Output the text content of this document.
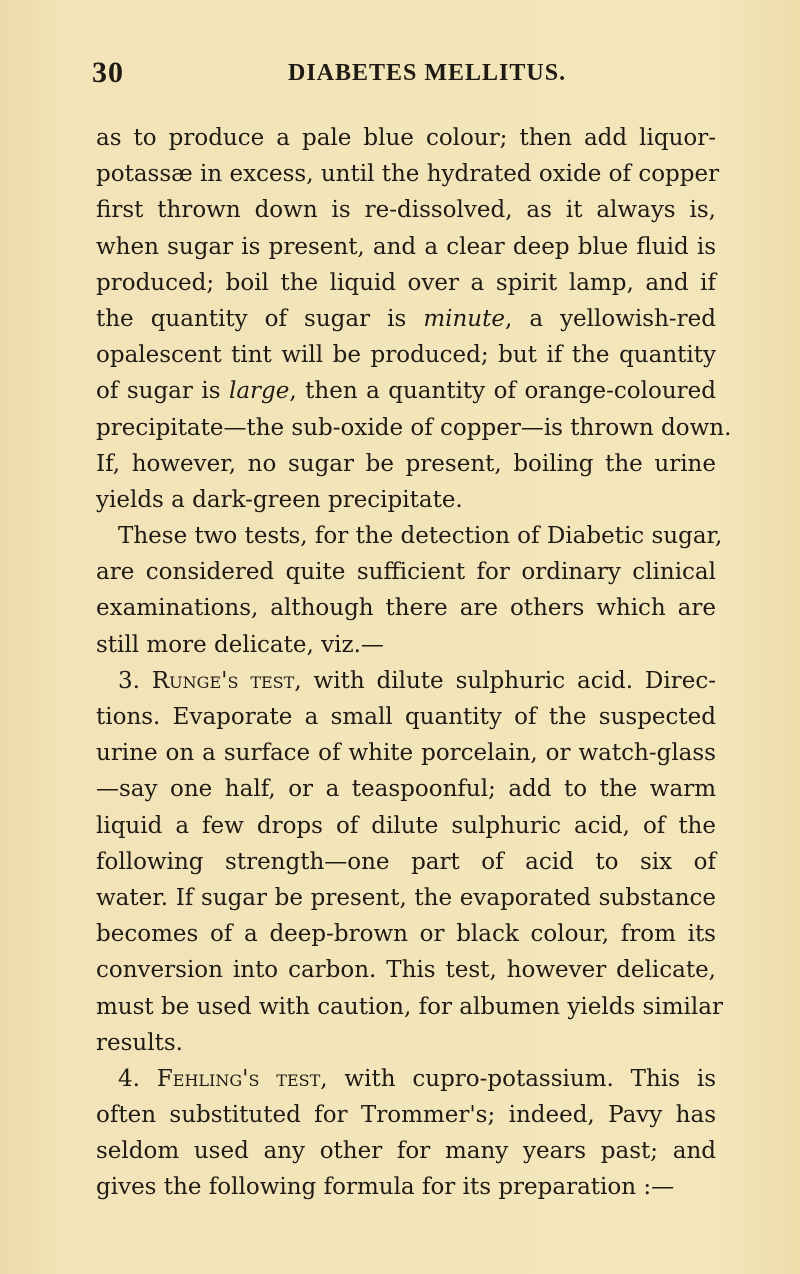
30	DIABETES MELLITUS.
as to produce a pale blue colour; then add liquor-
potassæ in excess, until the hydrated oxide of copper
first thrown down is re-dissolved, as it always is,
when sugar is present, and a clear deep blue fluid is
produced; boil the liquid over a spirit lamp, and if
the quantity of sugar is minute, a yellowish-red
opalescent tint will be produced; but if the quantity
of sugar is large, then a quantity of orange-coloured
precipitate—the sub-oxide of copper—is thrown down.
If, however, no sugar be present, boiling the urine
yields a dark-green precipitate.
These two tests, for the detection of Diabetic sugar,
are considered quite sufficient for ordinary clinical
examinations, although there are others which are
still more delicate, viz.—
3. Runge's test, with dilute sulphuric acid. Direc-
tions. Evaporate a small quantity of the suspected
urine on a surface of white porcelain, or watch-glass
—say one half, or a teaspoonful; add to the warm
liquid a few drops of dilute sulphuric acid, of the
following strength—one part of acid to six of
water. If sugar be present, the evaporated substance
becomes of a deep-brown or black colour, from its
conversion into carbon. This test, however delicate,
must be used with caution, for albumen yields similar
results.
4. Fehling's test, with cupro-potassium. This is
often substituted for Trommer's; indeed, Pavy has
seldom used any other for many years past; and
gives the following formula for its preparation :—
